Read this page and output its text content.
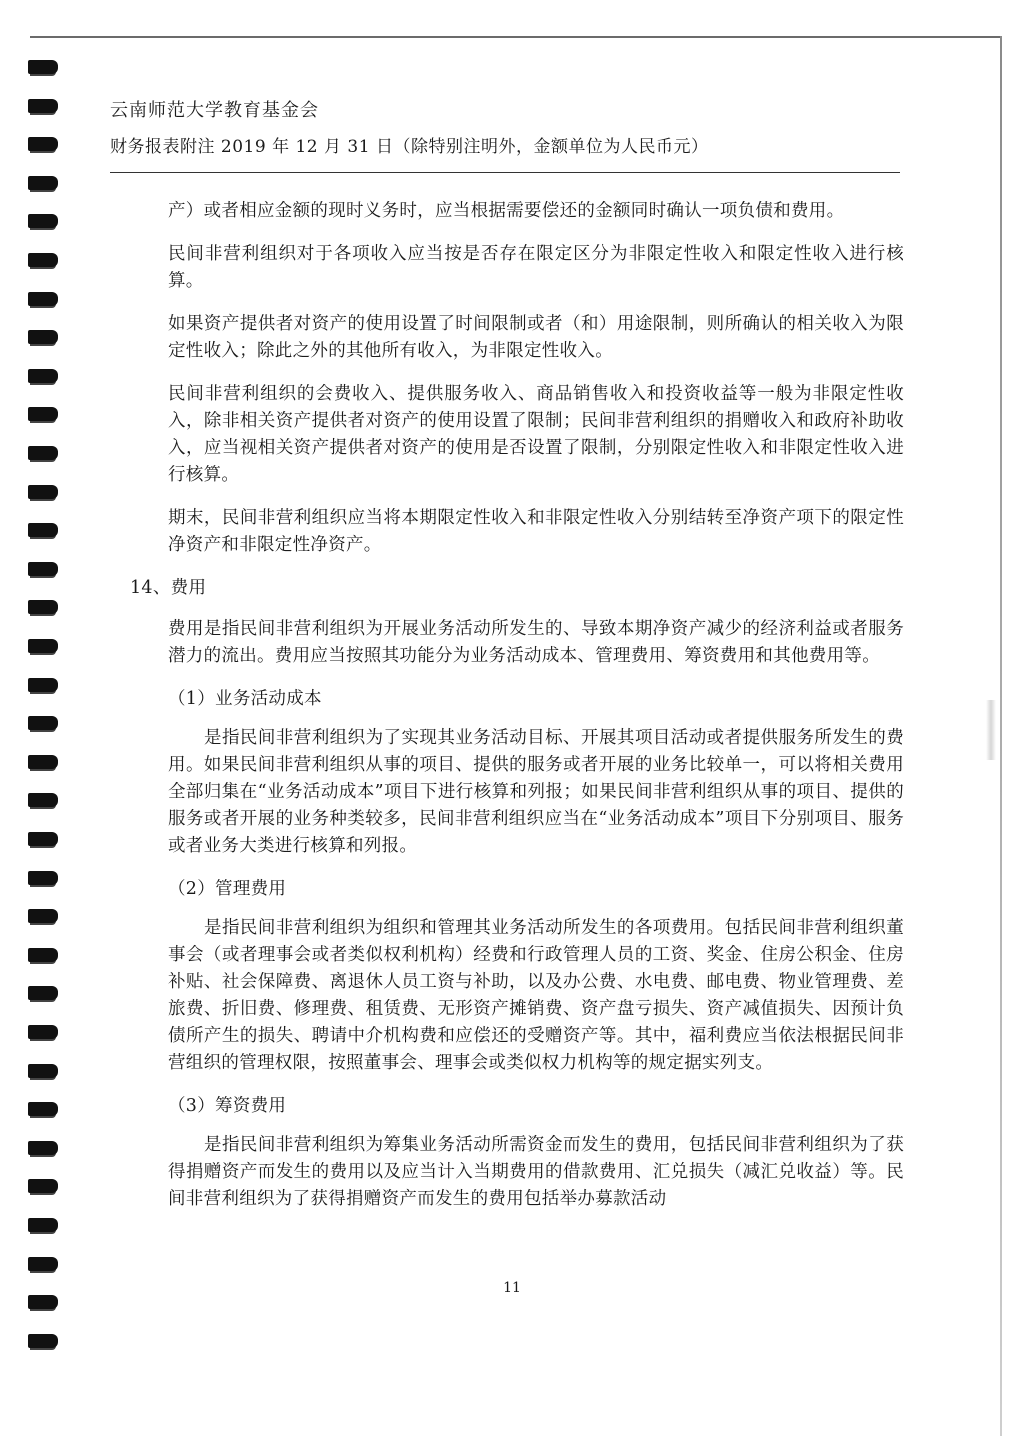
云南师范大学教育基金会
财务报表附注 2019 年 12 月 31 日（除特别注明外，金额单位为人民币元）

产）或者相应金额的现时义务时，应当根据需要偿还的金额同时确认一项负债和费用。

民间非营利组织对于各项收入应当按是否存在限定区分为非限定性收入和限定性收入进行核算。

如果资产提供者对资产的使用设置了时间限制或者（和）用途限制，则所确认的相关收入为限定性收入；除此之外的其他所有收入，为非限定性收入。

民间非营利组织的会费收入、提供服务收入、商品销售收入和投资收益等一般为非限定性收入，除非相关资产提供者对资产的使用设置了限制；民间非营利组织的捐赠收入和政府补助收入，应当视相关资产提供者对资产的使用是否设置了限制，分别限定性收入和非限定性收入进行核算。

期末，民间非营利组织应当将本期限定性收入和非限定性收入分别结转至净资产项下的限定性净资产和非限定性净资产。

14、费用

费用是指民间非营利组织为开展业务活动所发生的、导致本期净资产减少的经济利益或者服务潜力的流出。费用应当按照其功能分为业务活动成本、管理费用、筹资费用和其他费用等。

（1）业务活动成本

是指民间非营利组织为了实现其业务活动目标、开展其项目活动或者提供服务所发生的费用。如果民间非营利组织从事的项目、提供的服务或者开展的业务比较单一，可以将相关费用全部归集在“业务活动成本”项目下进行核算和列报；如果民间非营利组织从事的项目、提供的服务或者开展的业务种类较多，民间非营利组织应当在“业务活动成本”项目下分别项目、服务或者业务大类进行核算和列报。

（2）管理费用

是指民间非营利组织为组织和管理其业务活动所发生的各项费用。包括民间非营利组织董事会（或者理事会或者类似权利机构）经费和行政管理人员的工资、奖金、住房公积金、住房补贴、社会保障费、离退休人员工资与补助，以及办公费、水电费、邮电费、物业管理费、差旅费、折旧费、修理费、租赁费、无形资产摊销费、资产盘亏损失、资产减值损失、因预计负债所产生的损失、聘请中介机构费和应偿还的受赠资产等。其中，福利费应当依法根据民间非营组织的管理权限，按照董事会、理事会或类似权力机构等的规定据实列支。

（3）筹资费用

是指民间非营利组织为筹集业务活动所需资金而发生的费用，包括民间非营利组织为了获得捐赠资产而发生的费用以及应当计入当期费用的借款费用、汇兑损失（减汇兑收益）等。民间非营利组织为了获得捐赠资产而发生的费用包括举办募款活动

11
